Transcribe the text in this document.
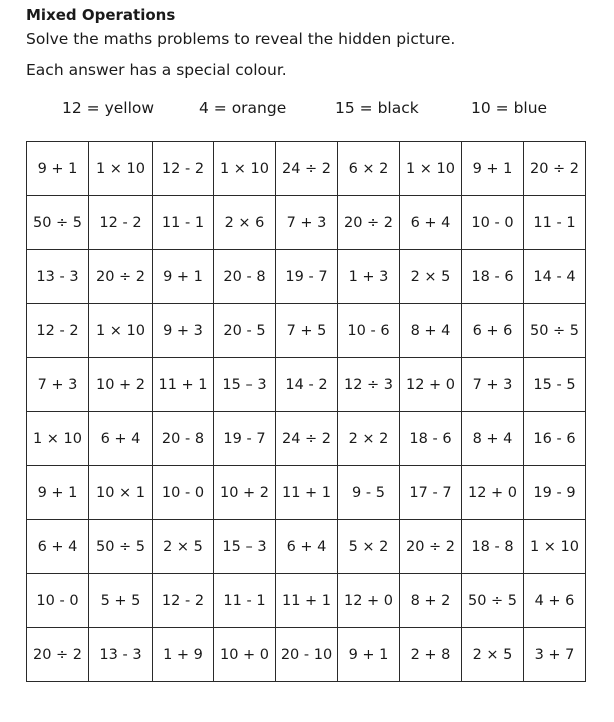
Mixed Operations
Solve the maths problems to reveal the hidden picture.
Each answer has a special colour.
12 = yellow	4 = orange	15 = black	10 = blue
9 + 1	1 × 10	12 - 2	1 × 10	24 ÷ 2	6 × 2	1 × 10	9 + 1	20 ÷ 2
50 ÷ 5	12 - 2	11 - 1	2 × 6	7 + 3	20 ÷ 2	6 + 4	10 - 0	11 - 1
13 - 3	20 ÷ 2	9 + 1	20 - 8	19 - 7	1 + 3	2 × 5	18 - 6	14 - 4
12 - 2	1 × 10	9 + 3	20 - 5	7 + 5	10 - 6	8 + 4	6 + 6	50 ÷ 5
7 + 3	10 + 2	11 + 1	15 – 3	14 - 2	12 ÷ 3	12 + 0	7 + 3	15 - 5
1 × 10	6 + 4	20 - 8	19 - 7	24 ÷ 2	2 × 2	18 - 6	8 + 4	16 - 6
9 + 1	10 × 1	10 - 0	10 + 2	11 + 1	9 - 5	17 - 7	12 + 0	19 - 9
6 + 4	50 ÷ 5	2 × 5	15 – 3	6 + 4	5 × 2	20 ÷ 2	18 - 8	1 × 10
10 - 0	5 + 5	12 - 2	11 - 1	11 + 1	12 + 0	8 + 2	50 ÷ 5	4 + 6
20 ÷ 2	13 - 3	1 + 9	10 + 0	20 - 10	9 + 1	2 + 8	2 × 5	3 + 7
